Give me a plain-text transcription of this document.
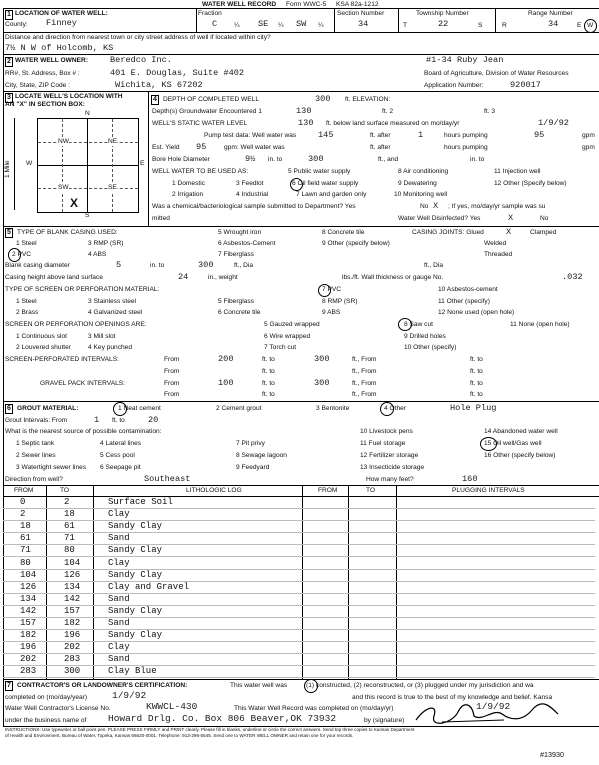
WATER WELL RECORD Form WWC-5 KSA 82a-1212
1 LOCATION OF WATER WELL:
County: Finney
Fraction
C	¼ SE ¼ SW ¼
Section Number
34
Township Number
T	22	S
Range Number
R	34	E W
Distance and direction from nearest town or city street address of well if located within city?
7½ N W of Holcomb, KS
2 WATER WELL OWNER:	Beredco Inc.	#1-34 Ruby Jean
RR#, St. Address, Box # :	401 E. Douglas, Suite #402	Board of Agriculture, Division of Water Resources
City, State, ZIP Code :	Wichita, KS 67202	Application Number:	920017
3 LOCATE WELL'S LOCATION WITH
AN "X" IN SECTION BOX:
N
S
W	E
1 Mile
NW	NE
SW	SE
X
4 DEPTH OF COMPLETED WELL	300 ft. ELEVATION:
Depth(s) Groundwater Encountered 1	130	ft. 2	ft. 3
WELL'S STATIC WATER LEVEL	130 ft. below land surface measured on mo/day/yr	1/9/92
Pump test data: Well water was	145	ft. after	1	hours pumping	95	gpm
Est. Yield 95	gpm: Well water was	ft. after	hours pumping	gpm
Bore Hole Diameter	9½ in. to	300	ft., and	in. to
WELL WATER TO BE USED AS:	5 Public water supply	8 Air conditioning	11 Injection well
1 Domestic	3 Feedlot	6 Oil field water supply	9 Dewatering	12 Other (Specify below)
2 Irrigation	4 Industrial	7 Lawn and garden only	10 Monitoring well
Was a chemical/bacteriological sample submitted to Department? Yes	No X ; If yes, mo/day/yr sample was su
mitted	Water Well Disinfected? Yes	X	No
5 TYPE OF BLANK CASING USED:	5 Wrought iron	8 Concrete tile	CASING JOINTS: Glued	X	Clamped
1 Steel	3 RMP (SR)	6 Asbestos-Cement	9 Other (specify below)	Welded
2 PVC	4 ABS	7 Fiberglass	Threaded
Blank casing diameter	5	in. to	300	ft., Dia	ft., Dia
Casing height above land surface	24	in., weight	lbs./ft. Wall thickness or gauge No.	.032
TYPE OF SCREEN OR PERFORATION MATERIAL:	7 PVC	10 Asbestos-cement
1 Steel	3 Stainless steel	5 Fiberglass	8 RMP (SR)	11 Other (specify)
2 Brass	4 Galvanized steel	6 Concrete tile	9 ABS	12 None used (open hole)
SCREEN OR PERFORATION OPENINGS ARE:	5 Gauzed wrapped	8 Saw cut	11 None (open hole)
1 Continuous slot	3 Mill slot	6 Wire wrapped	9 Drilled holes
2 Louvered shutter	4 Key punched	7 Torch cut	10 Other (specify)
SCREEN-PERFORATED INTERVALS:	From	200	ft. to	300	ft., From	ft. to
From	ft. to	ft., From	ft. to
GRAVEL PACK INTERVALS:	From	100	ft. to	300	ft., From	ft. to
From	ft. to	ft., From	ft. to
6 GROUT MATERIAL:	1 Neat cement	2 Cement grout	3 Bentonite	4 Other	Hole Plug
Grout Intervals: From	1 ft. to	20
What is the nearest source of possible contamination:	10 Livestock pens	14 Abandoned water well
1 Septic tank	4 Lateral lines	7 Pit privy	11 Fuel storage	15 Oil well/Gas well
2 Sewer lines	5 Cess pool	8 Sewage lagoon	12 Fertilizer storage	16 Other (specify below)
3 Watertight sewer lines 6 Seepage pit	9 Feedyard	13 Insecticide storage
Direction from well?	Southeast	How many feet?	160
FROM	TO	LITHOLOGIC LOG	FROM	TO	PLUGGING INTERVALS
0	2	Surface Soil
2	18	Clay
18	61	Sandy Clay
61	71	Sand
71	80	Sandy Clay
80	104	Clay
104	126	Sandy Clay
126	134	Clay and Gravel
134	142	Sand
142	157	Sandy Clay
157	182	Sand
182	196	Sandy Clay
196	202	Clay
202	283	Sand
283	300	Clay Blue
7 CONTRACTOR'S OR LANDOWNER'S CERTIFICATION:	This water well was	(1) constructed, (2) reconstructed, or (3) plugged under my jurisdiction and wa
completed on (mo/day/year)	1/9/92	and this record is true to the best of my knowledge and belief. Kansa
Water Well Contractor's License No.	KWWCL-430	This Water Well Record was completed on (mo/day/yr)	1/9/92
under the business name of Howard Drlg. Co. Box 806 Beaver,OK 73932	by (signature)
INSTRUCTIONS: Use typewriter or ball point pen. PLEASE PRESS FIRMLY and PRINT clearly. Please fill in blanks, underline or circle the correct answers. Send top three copies to Kansas Department
of Health and Environment, Bureau of Water, Topeka, Kansas 66620-0001. Telephone: 913-296-5545. Send one to WATER WELL OWNER and retain one for your records.
#13930
